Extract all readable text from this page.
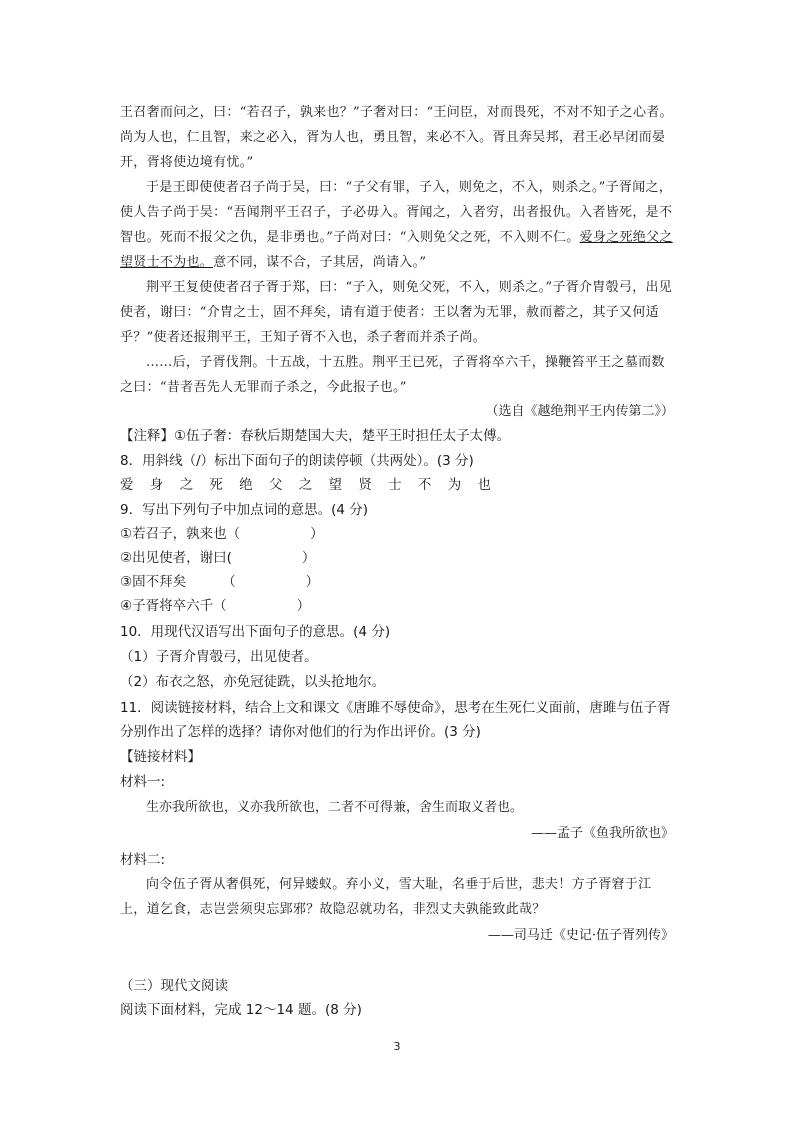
王召奢而问之，曰：“若召子，孰来也？”子奢对曰：“王问臣，对而畏死，不对不知子之心者。尚为人也，仁且智，来之必入，胥为人也，勇且智，来必不入。胥且奔吴邦，君王必早闭而晏开，胥将使边境有忧。”

于是王即使使者召子尚于吴，曰：“子父有罪，子入，则免之，不入，则杀之。”子胥闻之，使人告子尚于吴：“吾闻荆平王召子，子必毋入。胥闻之，入者穷，出者报仇。入者皆死，是不智也。死而不报父之仇，是非勇也。”子尚对曰：“入则免父之死，不入则不仁。爱身之死绝父之望贤士不为也。意不同，谋不合，子其居，尚请入。”

荆平王复使使者召子胥于郑，曰：“子入，则免父死，不入，则杀之。”子胥介胄彀弓，出见使者，谢曰：“介胄之士，固不拜矣，请有道于使者：王以奢为无罪，赦而蓄之，其子又何适乎？”使者还报荆平王，王知子胥不入也，杀子奢而并杀子尚。

……后，子胥伐荆。十五战，十五胜。荆平王已死，子胥将卒六千，操鞭笞平王之墓而数之曰：“昔者吾先人无罪而子杀之，今此报子也。”

（选自《越绝荆平王内传第二》）
【注释】①伍子奢：春秋后期楚国大夫，楚平王时担任太子太傅。
8．用斜线（/）标出下面句子的朗读停顿（共两处）。(3 分)
爱 身 之 死 绝 父 之 望 贤 士 不 为 也
9．写出下列句子中加点词的意思。(4 分)
①若召子，孰来也（	）
②出见使者，谢曰(	）
③固不拜矣	（	）
④子胥将卒六千（	）
10．用现代汉语写出下面句子的意思。(4 分)
（1）子胥介胄彀弓，出见使者。
（2）布衣之怒，亦免冠徒跣，以头抢地尔。

11．阅读链接材料，结合上文和课文《唐雎不辱使命》，思考在生死仁义面前，唐雎与伍子胥分别作出了怎样的选择？请你对他们的行为作出评价。(3 分)

【链接材料】
材料一:
生亦我所欲也，义亦我所欲也，二者不可得兼，舍生而取义者也。
——孟子《鱼我所欲也》
材料二:

向令伍子胥从奢俱死，何异蝼蚁。弃小义，雪大耻，名垂于后世，悲夫！方子胥窘于江上，道乞食，志岂尝须臾忘郢邪？故隐忍就功名，非烈丈夫孰能致此哉？

——司马迁《史记·伍子胥列传》
（三）现代文阅读
阅读下面材料，完成 12～14 题。(8 分)
3
